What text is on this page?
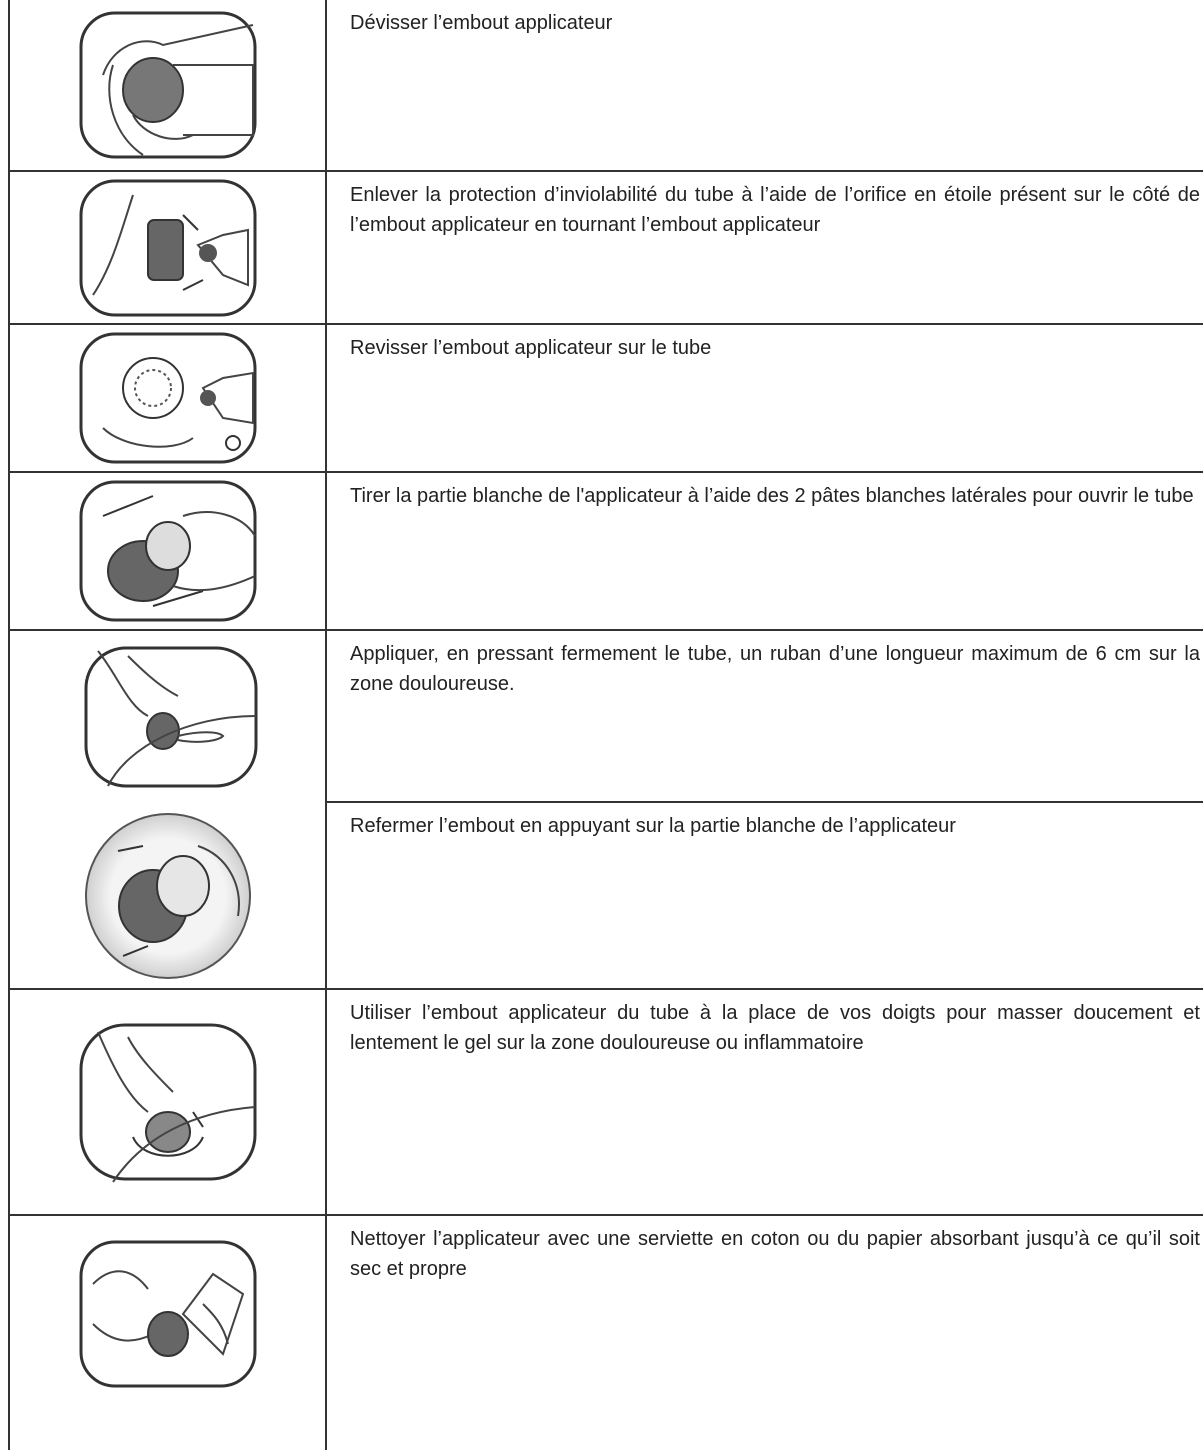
Dévisser l’embout applicateur
Enlever la protection d’inviolabilité du tube à l’aide de l’orifice en étoile présent sur le côté de l’embout applicateur en tournant l’embout applicateur
Revisser l’embout applicateur sur le tube
Tirer la partie blanche de l'applicateur à l’aide des 2 pâtes blanches latérales pour ouvrir le tube
Appliquer, en pressant fermement le tube, un ruban d’une longueur maximum de 6 cm sur la zone douloureuse.
Refermer l’embout en appuyant sur la partie blanche de l’applicateur
Utiliser l’embout applicateur du tube à la place de vos doigts pour masser doucement et lentement le gel sur la zone douloureuse ou inflammatoire
Nettoyer l’applicateur avec une serviette en coton ou du papier absorbant jusqu’à ce qu’il soit sec et propre
